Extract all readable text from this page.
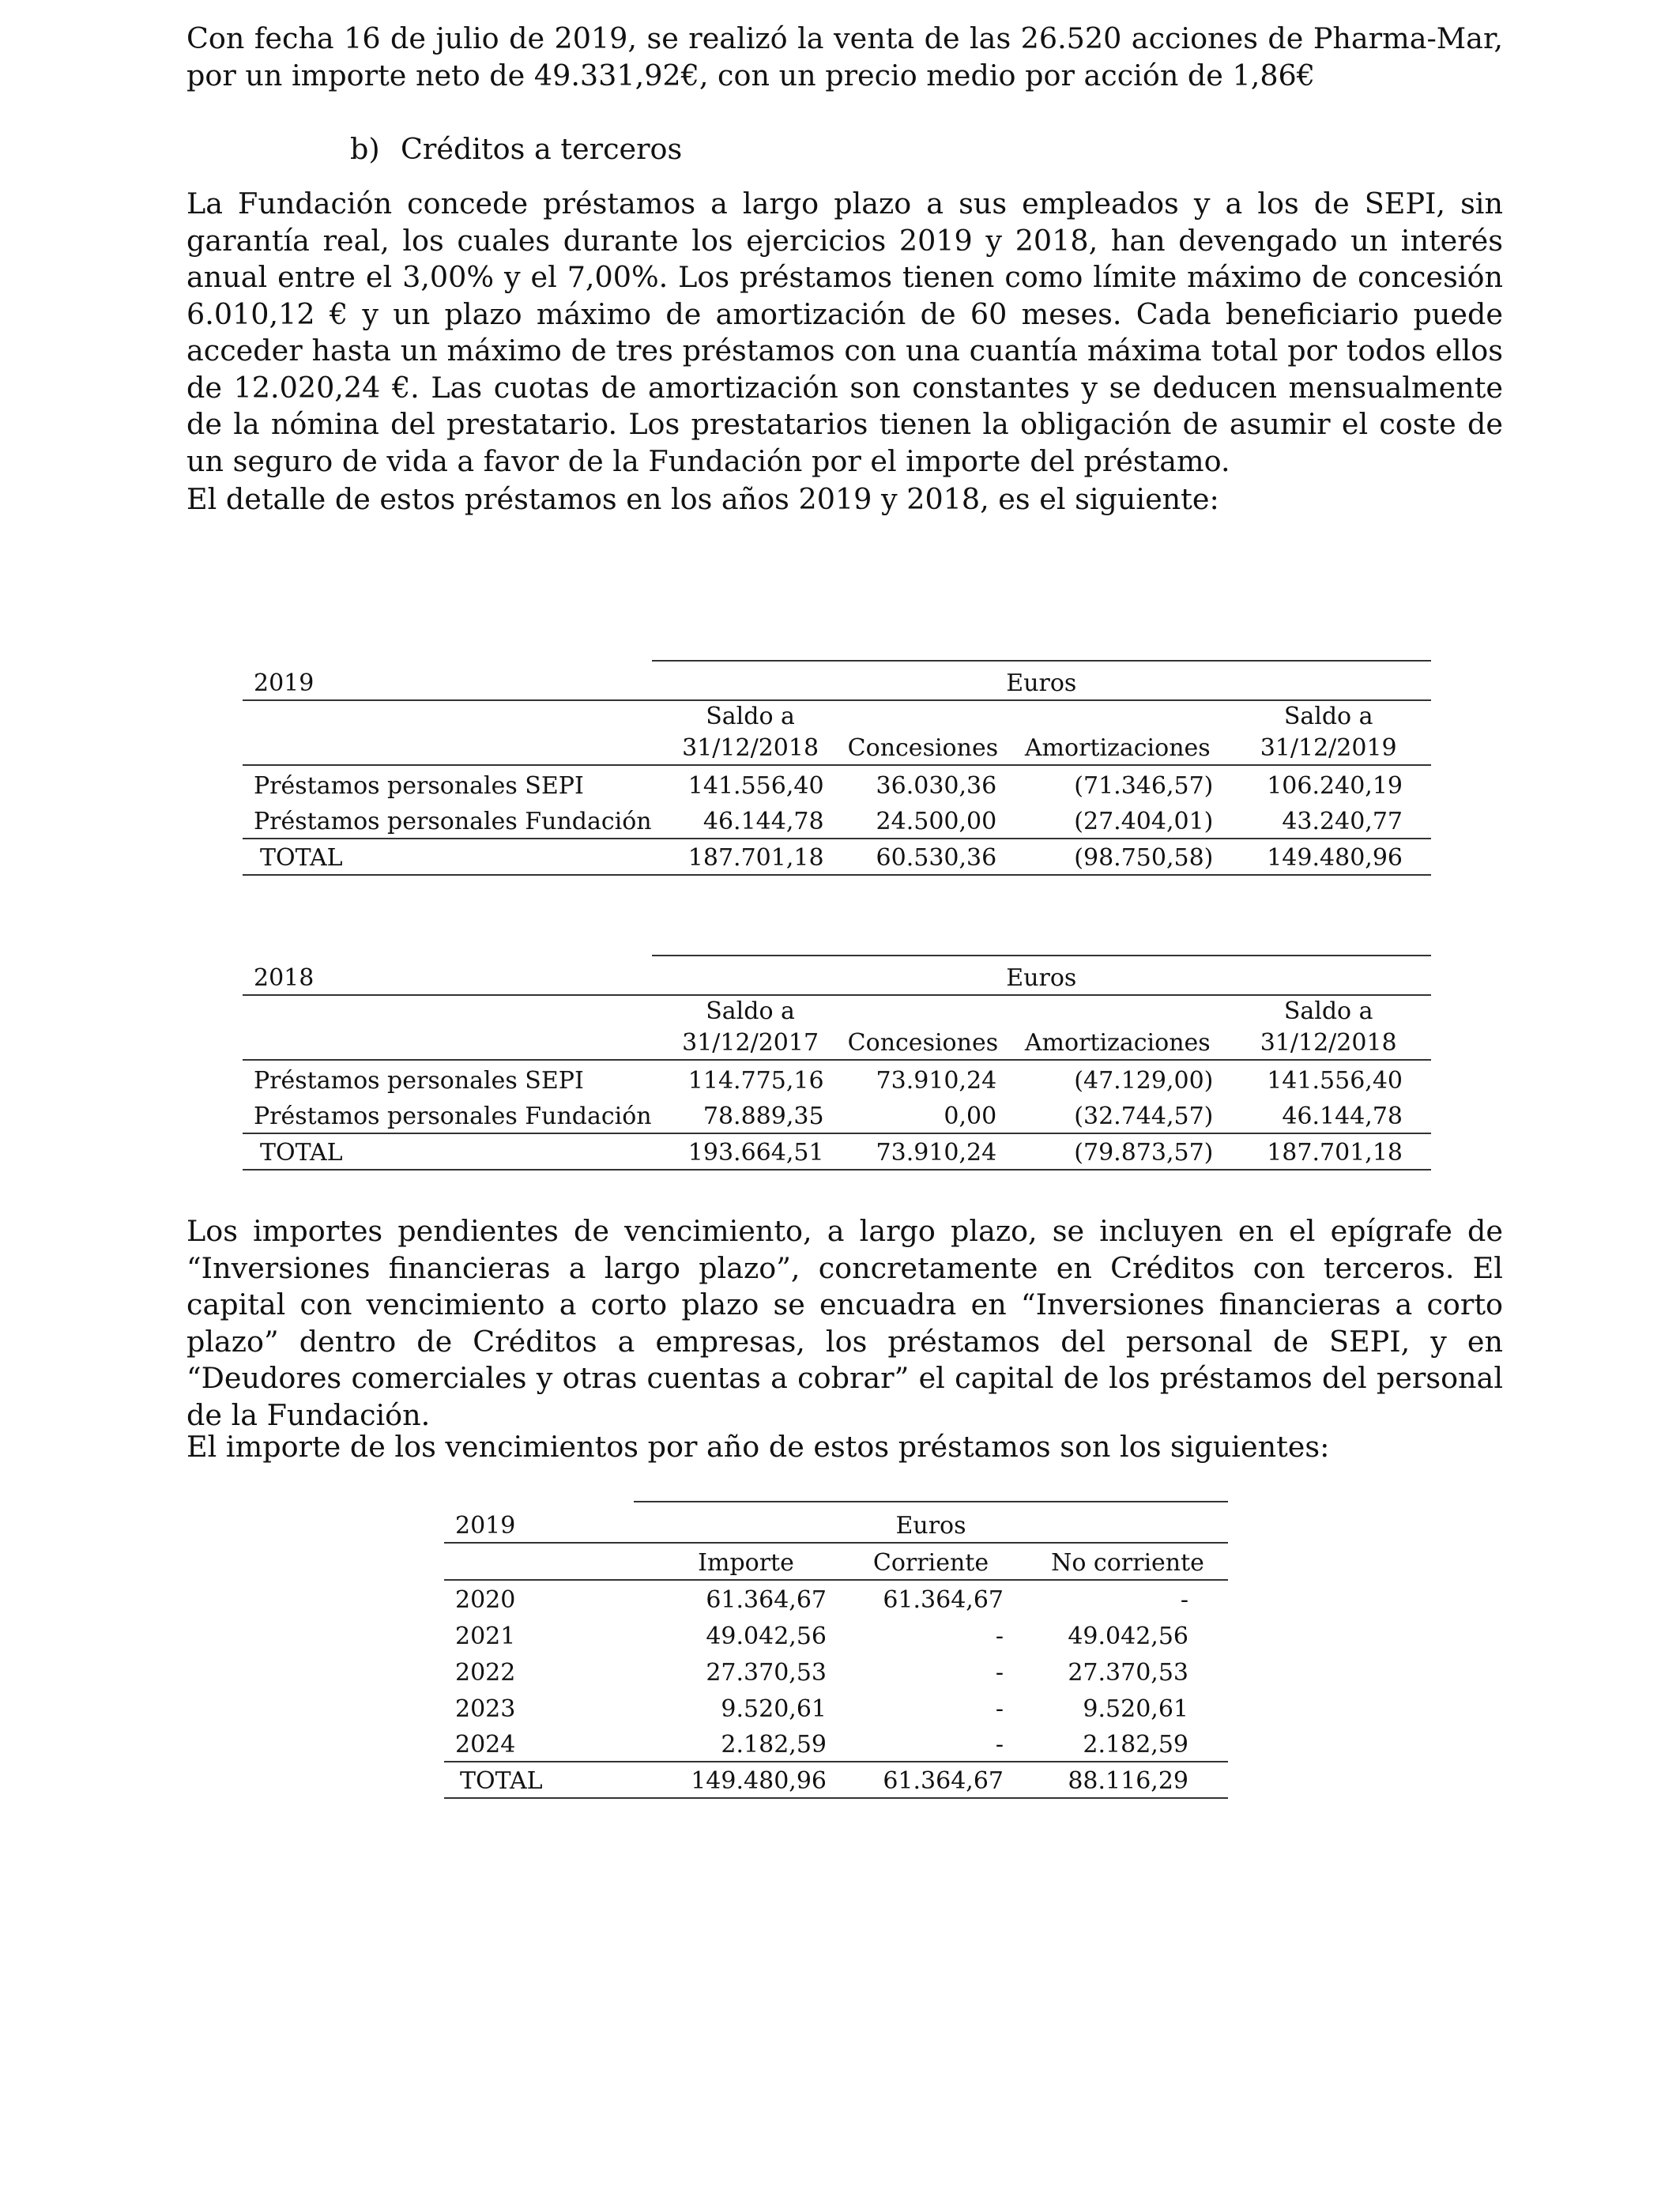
Con fecha 16 de julio de 2019, se realizó la venta de las 26.520 acciones de Pharma-Mar, por un importe neto de 49.331,92€, con un precio medio por acción de 1,86€

b) Créditos a terceros

La Fundación concede préstamos a largo plazo a sus empleados y a los de SEPI, sin garantía real, los cuales durante los ejercicios 2019 y 2018, han devengado un interés anual entre el 3,00% y el 7,00%. Los préstamos tienen como límite máximo de concesión 6.010,12 € y un plazo máximo de amortización de 60 meses. Cada beneficiario puede acceder hasta un máximo de tres préstamos con una cuantía máxima total por todos ellos de 12.020,24 €. Las cuotas de amortización son constantes y se deducen mensualmente de la nómina del prestatario. Los prestatarios tienen la obligación de asumir el coste de un seguro de vida a favor de la Fundación por el importe del préstamo.

El detalle de estos préstamos en los años 2019 y 2018, es el siguiente:

2019	Euros			
	Saldo a			Saldo a
	31/12/2018	Concesiones	Amortizaciones	31/12/2019
Préstamos personales SEPI	141.556,40	36.030,36	(71.346,57)	106.240,19
Préstamos personales Fundación	46.144,78	24.500,00	(27.404,01)	43.240,77
TOTAL	187.701,18	60.530,36	(98.750,58)	149.480,96
2018	Euros			
	Saldo a			Saldo a
	31/12/2017	Concesiones	Amortizaciones	31/12/2018
Préstamos personales SEPI	114.775,16	73.910,24	(47.129,00)	141.556,40
Préstamos personales Fundación	78.889,35	0,00	(32.744,57)	46.144,78
TOTAL	193.664,51	73.910,24	(79.873,57)	187.701,18

Los importes pendientes de vencimiento, a largo plazo, se incluyen en el epígrafe de “Inversiones financieras a largo plazo”, concretamente en Créditos con terceros. El capital con vencimiento a corto plazo se encuadra en “Inversiones financieras a corto plazo” dentro de Créditos a empresas, los préstamos del personal de SEPI, y en “Deudores comerciales y otras cuentas a cobrar” el capital de los préstamos del personal de la Fundación.

El importe de los vencimientos por año de estos préstamos son los siguientes:

2019	Euros		
	Importe	Corriente	No corriente
2020	61.364,67	61.364,67	-
2021	49.042,56	-	49.042,56
2022	27.370,53	-	27.370,53
2023	9.520,61	-	9.520,61
2024	2.182,59	-	2.182,59
TOTAL	149.480,96	61.364,67	88.116,29
